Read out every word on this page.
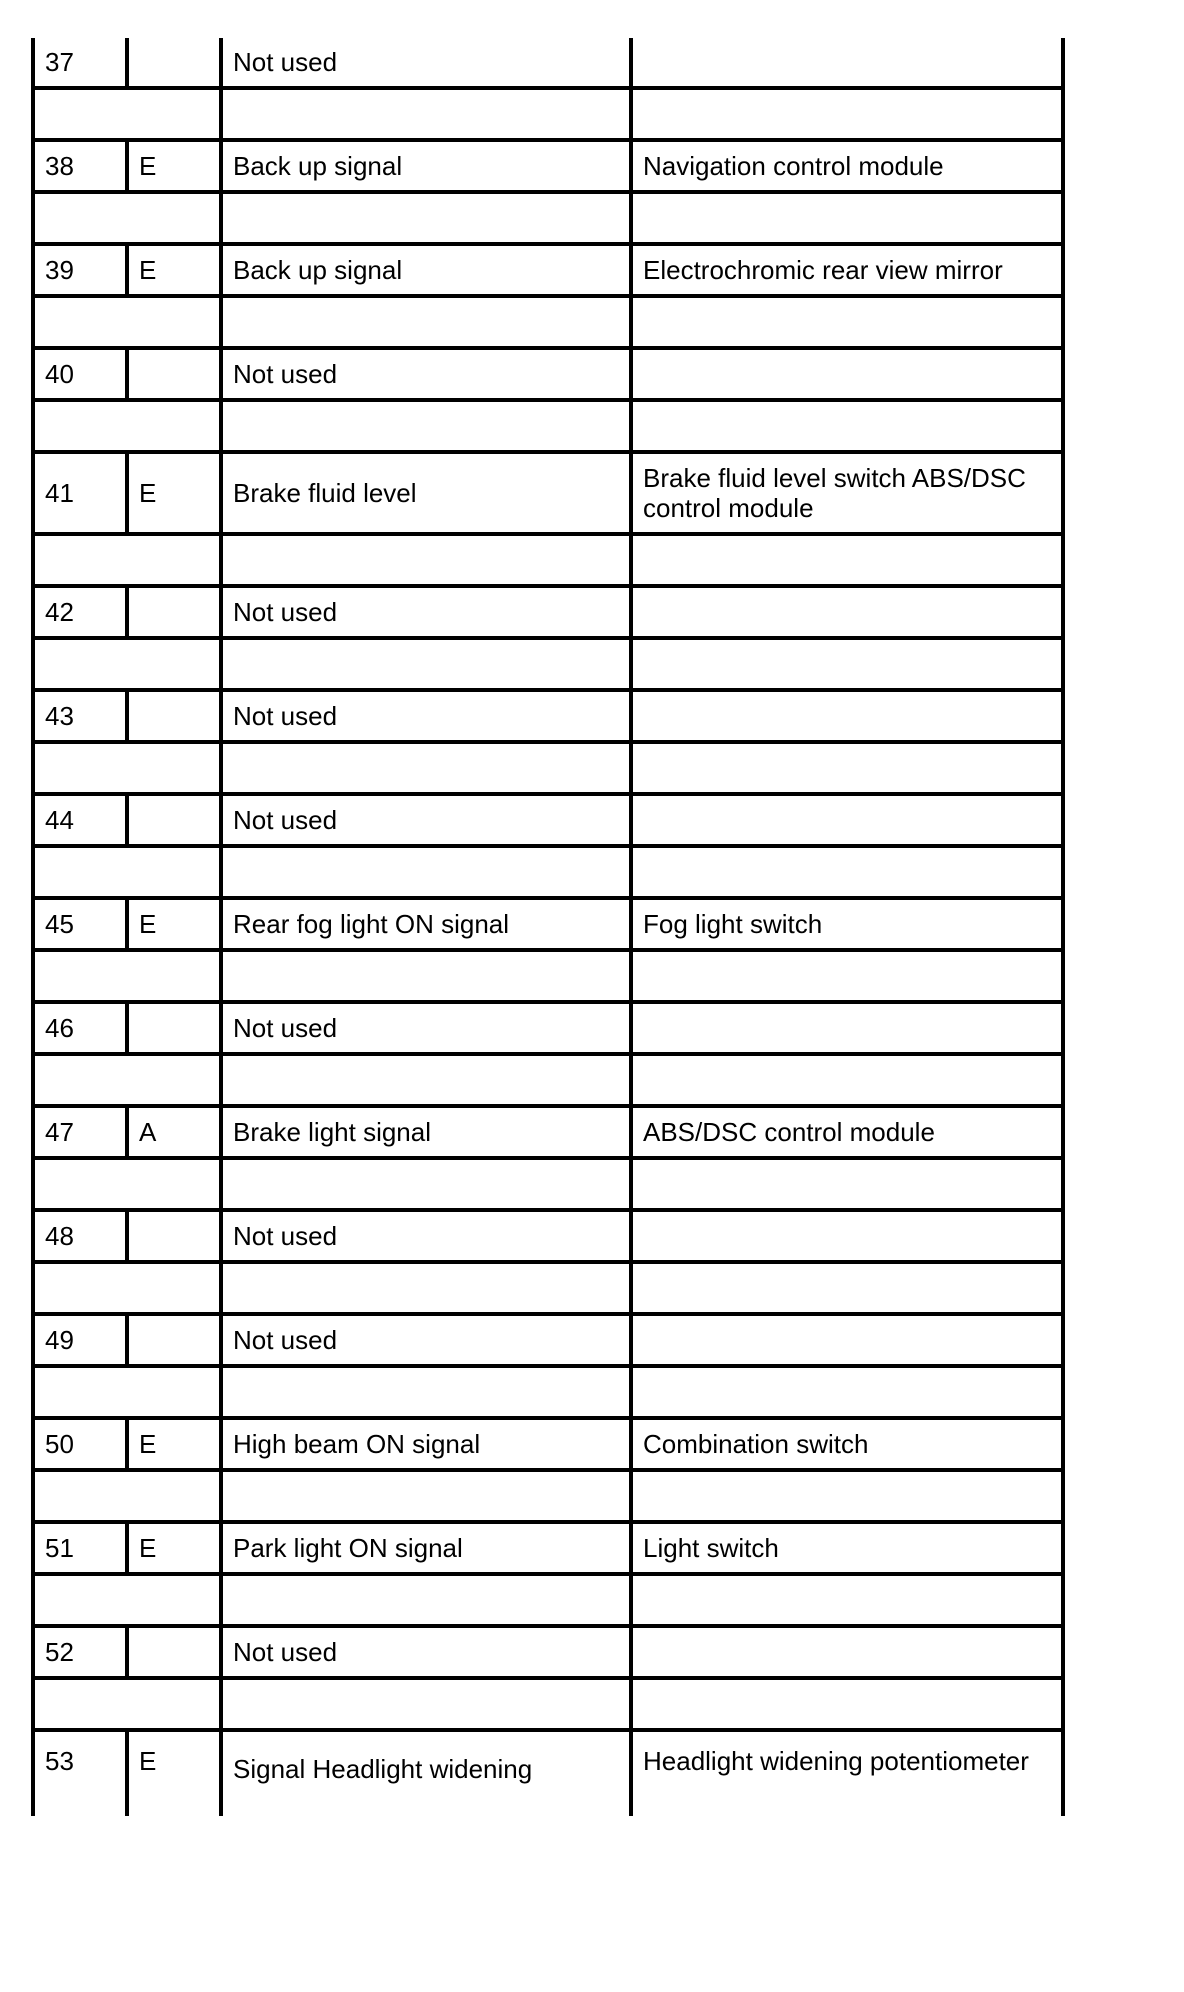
37		Not used	

38	E	Back up signal	Navigation control module

39	E	Back up signal	Electrochromic rear view mirror

40		Not used	

41	E	Brake fluid level	Brake fluid level switch ABS/DSC control module

42		Not used	

43		Not used	

44		Not used	

45	E	Rear fog light ON signal	Fog light switch

46		Not used	

47	A	Brake light signal	ABS/DSC control module

48		Not used	

49		Not used	

50	E	High beam ON signal	Combination switch

51	E	Park light ON signal	Light switch

52		Not used	

53	E	Signal Headlight widening	Headlight widening potentiometer
